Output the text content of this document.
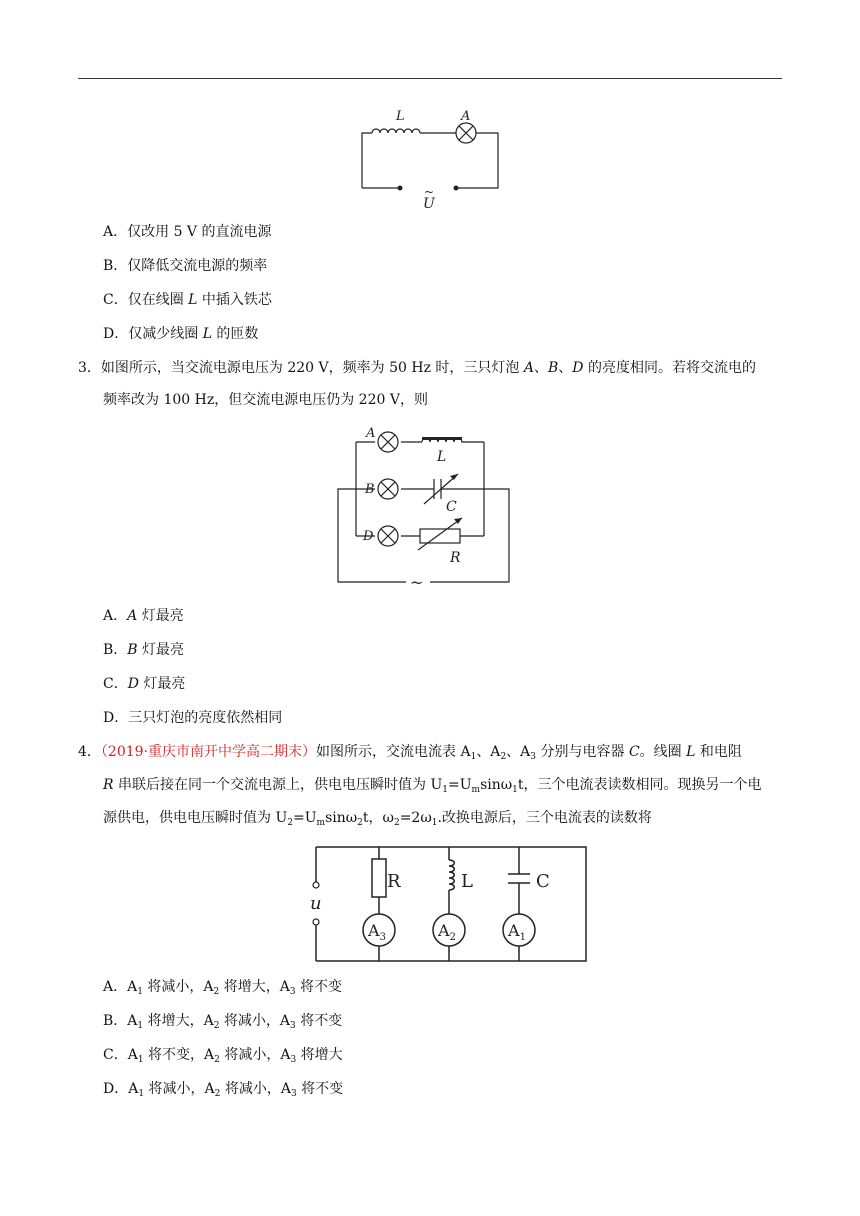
L	A
~
U
A．仅改用 5 V 的直流电源
B．仅降低交流电源的频率
C．仅在线圈 L 中插入铁芯
D．仅减少线圈 L 的匝数
3．如图所示，当交流电源电压为 220 V，频率为 50 Hz 时，三只灯泡 A、B、D 的亮度相同。若将交流电的
频率改为 100 Hz，但交流电源电压仍为 220 V，则
A
B
D
L
C
R
~
A．A 灯最亮
B．B 灯最亮
C．D 灯最亮
D．三只灯泡的亮度依然相同
4．（2019·重庆市南开中学高二期末）如图所示，交流电流表 $A_1$、$A_2$、$A_3$ 分别与电容器 C。线圈 L 和电阻
R 串联后接在同一个交流电源上，供电电压瞬时值为 $U_1=U_m\sin\omega_1t$，三个电流表读数相同。现换另一个电
源供电，供电电压瞬时值为 $U_2=U_m\sin\omega_2t$，$\omega_2=2\omega_1$.改换电源后，三个电流表的读数将
R	L	C
u
$A_3$	$A_2$	$A_1$
A．$A_1$ 将减小，$A_2$ 将增大，$A_3$ 将不变
B．$A_1$ 将增大，$A_2$ 将减小，$A_3$ 将不变
C．$A_1$ 将不变，$A_2$ 将减小，$A_3$ 将增大
D．$A_1$ 将减小，$A_2$ 将减小，$A_3$ 将不变
